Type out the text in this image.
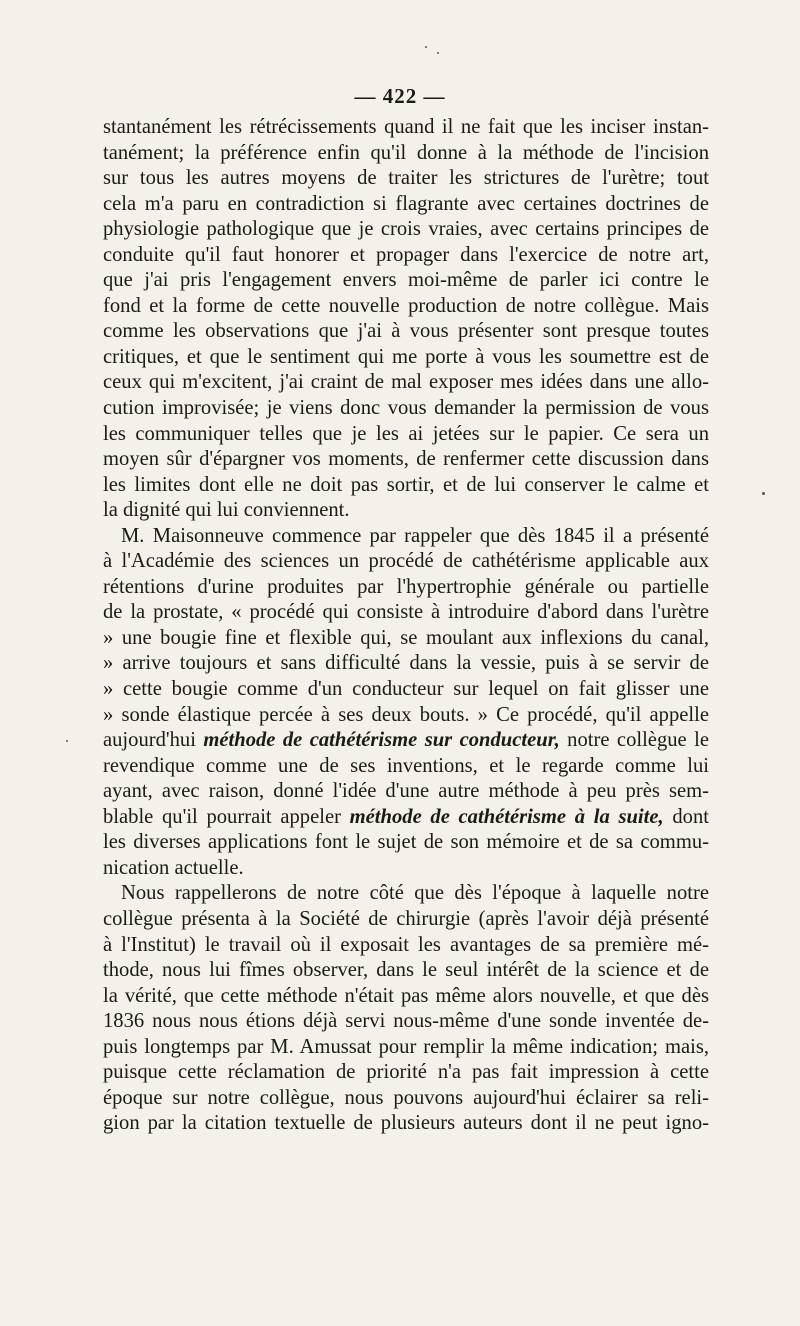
— 422 —
stantanément les rétrécissements quand il ne fait que les inciser instan-
tanément; la préférence enfin qu'il donne à la méthode de l'incision
sur tous les autres moyens de traiter les strictures de l'urètre; tout
cela m'a paru en contradiction si flagrante avec certaines doctrines de
physiologie pathologique que je crois vraies, avec certains principes de
conduite qu'il faut honorer et propager dans l'exercice de notre art,
que j'ai pris l'engagement envers moi-même de parler ici contre le
fond et la forme de cette nouvelle production de notre collègue. Mais
comme les observations que j'ai à vous présenter sont presque toutes
critiques, et que le sentiment qui me porte à vous les soumettre est de
ceux qui m'excitent, j'ai craint de mal exposer mes idées dans une allo-
cution improvisée; je viens donc vous demander la permission de vous
les communiquer telles que je les ai jetées sur le papier. Ce sera un
moyen sûr d'épargner vos moments, de renfermer cette discussion dans
les limites dont elle ne doit pas sortir, et de lui conserver le calme et
la dignité qui lui conviennent.
M. Maisonneuve commence par rappeler que dès 1845 il a présenté
à l'Académie des sciences un procédé de cathétérisme applicable aux
rétentions d'urine produites par l'hypertrophie générale ou partielle
de la prostate, « procédé qui consiste à introduire d'abord dans l'urètre
» une bougie fine et flexible qui, se moulant aux inflexions du canal,
» arrive toujours et sans difficulté dans la vessie, puis à se servir de
» cette bougie comme d'un conducteur sur lequel on fait glisser une
» sonde élastique percée à ses deux bouts. » Ce procédé, qu'il appelle
aujourd'hui méthode de cathétérisme sur conducteur, notre collègue le
revendique comme une de ses inventions, et le regarde comme lui
ayant, avec raison, donné l'idée d'une autre méthode à peu près sem-
blable qu'il pourrait appeler méthode de cathétérisme à la suite, dont
les diverses applications font le sujet de son mémoire et de sa commu-
nication actuelle.
Nous rappellerons de notre côté que dès l'époque à laquelle notre
collègue présenta à la Société de chirurgie (après l'avoir déjà présenté
à l'Institut) le travail où il exposait les avantages de sa première mé-
thode, nous lui fîmes observer, dans le seul intérêt de la science et de
la vérité, que cette méthode n'était pas même alors nouvelle, et que dès
1836 nous nous étions déjà servi nous-même d'une sonde inventée de-
puis longtemps par M. Amussat pour remplir la même indication; mais,
puisque cette réclamation de priorité n'a pas fait impression à cette
époque sur notre collègue, nous pouvons aujourd'hui éclairer sa reli-
gion par la citation textuelle de plusieurs auteurs dont il ne peut igno-
